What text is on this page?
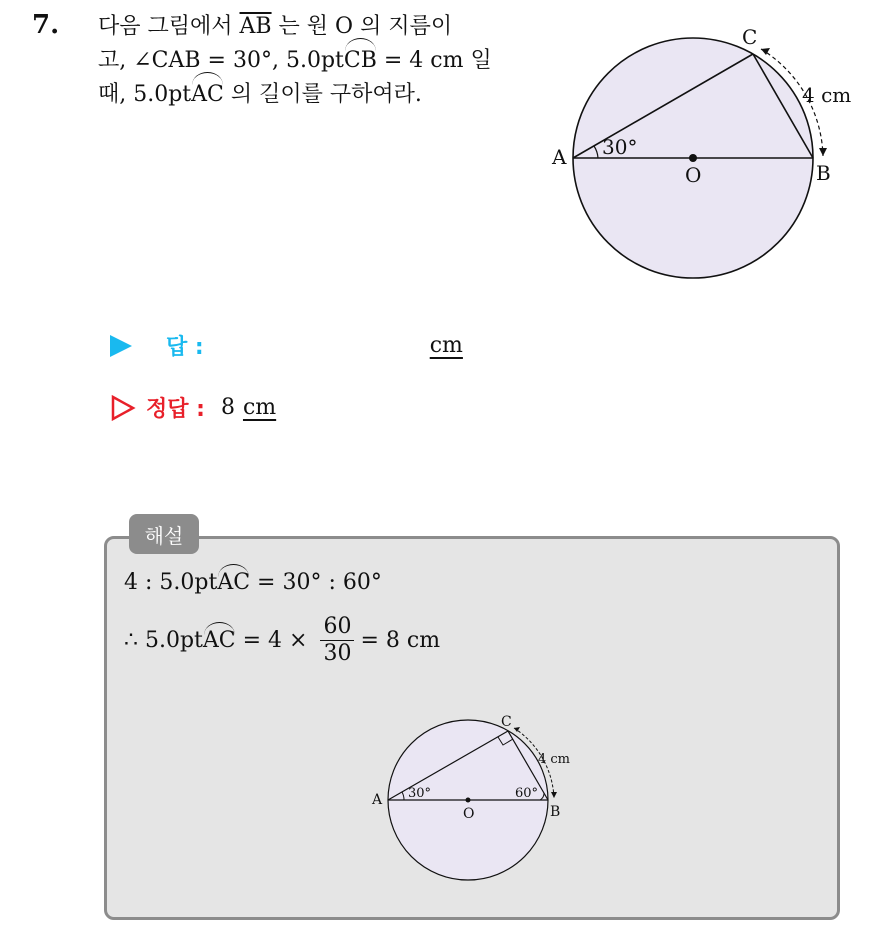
7. 다음 그림에서 $\overline{AB}$ 는 원 O 의 지름이
고, ∠CAB = 30°, 5.0ptCB = 4 cm 일
때, 5.0ptAC 의 길이를 구하여라.
A
B
C
O
30°
4 cm
답 :	cm
정답 : 8 cm
해설
4 : 5.0ptAC = 30° : 60°
∴ 5.0pt AC = $4 \times \frac{60}{30} = 8$ cm
A
B
C
O
30°	60°
4 cm
